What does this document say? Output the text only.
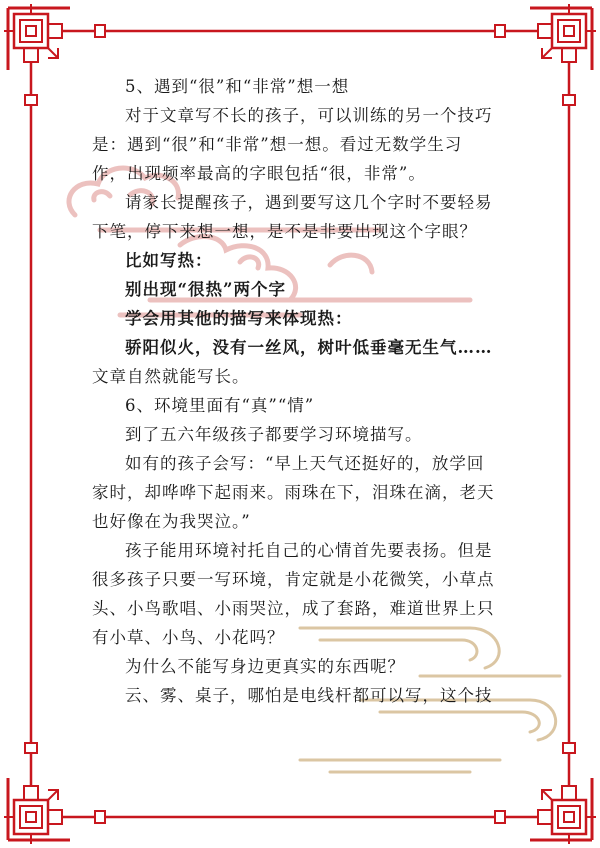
5、遇到“很”和“非常”想一想

对于文章写不长的孩子，可以训练的另一个技巧

是：遇到“很”和“非常”想一想。看过无数学生习

作，出现频率最高的字眼包括“很，非常”。

请家长提醒孩子，遇到要写这几个字时不要轻易

下笔，停下来想一想，是不是非要出现这个字眼？

比如写热：

别出现“很热”两个字

学会用其他的描写来体现热：

骄阳似火，没有一丝风，树叶低垂毫无生气……

文章自然就能写长。

6、环境里面有“真”“情”

到了五六年级孩子都要学习环境描写。

如有的孩子会写：“早上天气还挺好的，放学回

家时，却哗哗下起雨来。雨珠在下，泪珠在滴，老天

也好像在为我哭泣。”

孩子能用环境衬托自己的心情首先要表扬。但是

很多孩子只要一写环境，肯定就是小花微笑，小草点

头、小鸟歌唱、小雨哭泣，成了套路，难道世界上只

有小草、小鸟、小花吗？

为什么不能写身边更真实的东西呢？

云、雾、桌子，哪怕是电线杆都可以写，这个技
